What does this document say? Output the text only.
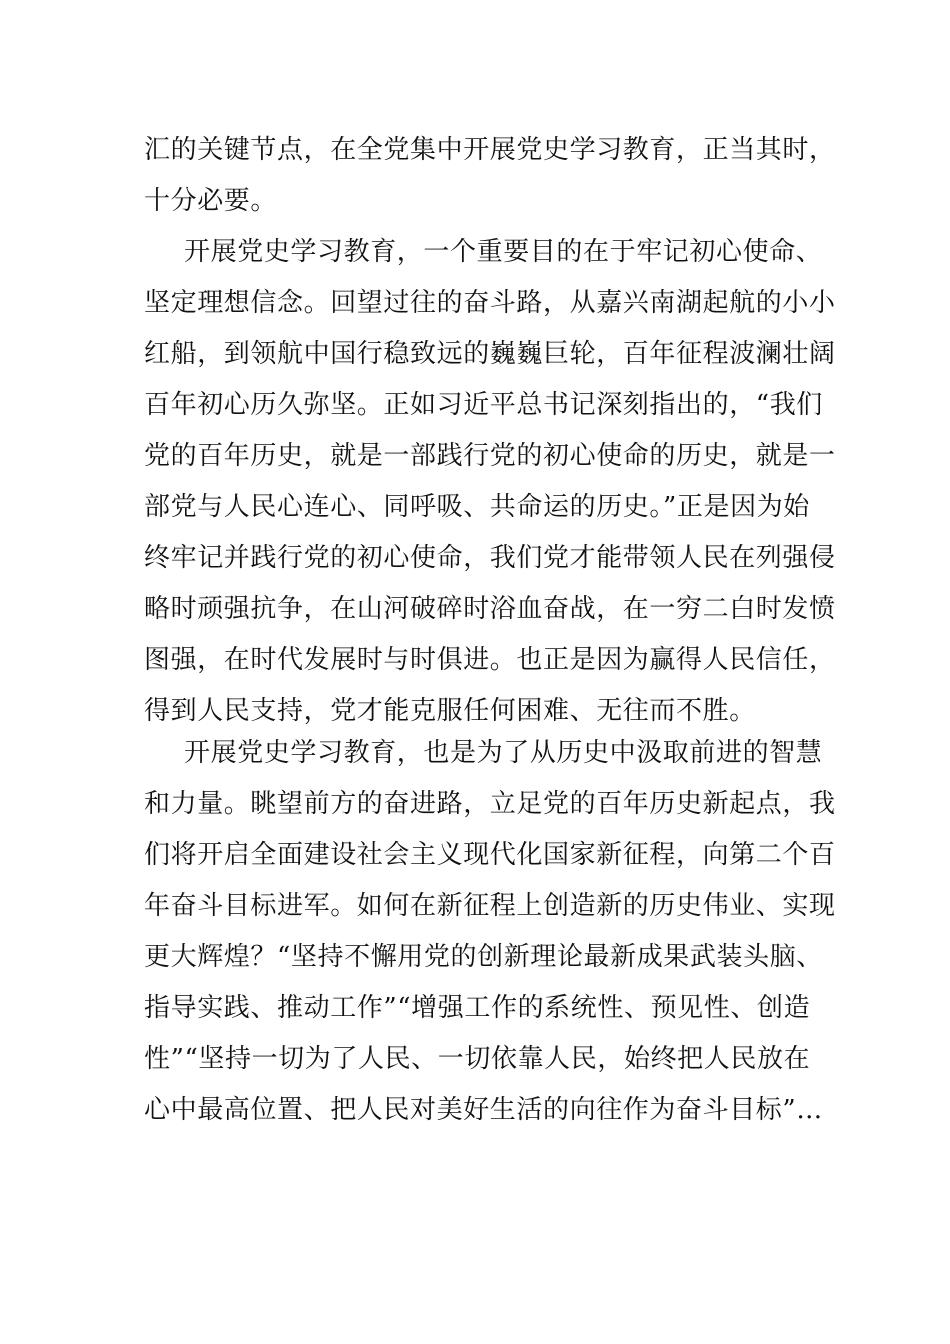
汇的关键节点，在全党集中开展党史学习教育，正当其时，
十分必要。
开展党史学习教育，一个重要目的在于牢记初心使命、
坚定理想信念。回望过往的奋斗路，从嘉兴南湖起航的小小
红船，到领航中国行稳致远的巍巍巨轮，百年征程波澜壮阔
百年初心历久弥坚。正如习近平总书记深刻指出的，“我们
党的百年历史，就是一部践行党的初心使命的历史，就是一
部党与人民心连心、同呼吸、共命运的历史。”正是因为始
终牢记并践行党的初心使命，我们党才能带领人民在列强侵
略时顽强抗争，在山河破碎时浴血奋战，在一穷二白时发愤
图强，在时代发展时与时俱进。也正是因为赢得人民信任，
得到人民支持，党才能克服任何困难、无往而不胜。
开展党史学习教育，也是为了从历史中汲取前进的智慧
和力量。眺望前方的奋进路，立足党的百年历史新起点，我
们将开启全面建设社会主义现代化国家新征程，向第二个百
年奋斗目标进军。如何在新征程上创造新的历史伟业、实现
更大辉煌？“坚持不懈用党的创新理论最新成果武装头脑、
指导实践、推动工作”“增强工作的系统性、预见性、创造
性”“坚持一切为了人民、一切依靠人民，始终把人民放在
心中最高位置、把人民对美好生活的向往作为奋斗目标”…
